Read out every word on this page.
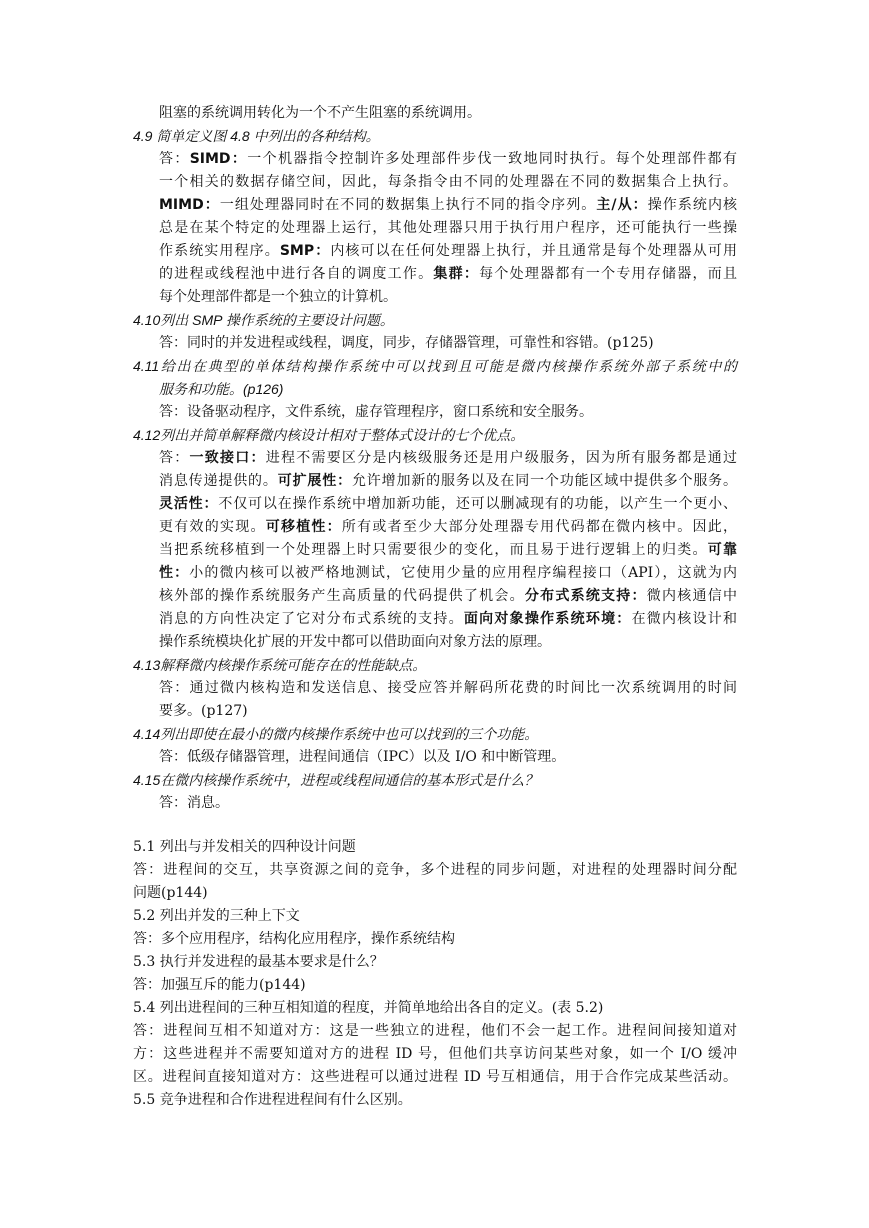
阻塞的系统调用转化为一个不产生阻塞的系统调用。
4.9 简单定义图 4.8 中列出的各种结构。
答：SIMD：一个机器指令控制许多处理部件步伐一致地同时执行。每个处理部件都有
一个相关的数据存储空间，因此，每条指令由不同的处理器在不同的数据集合上执行。
MIMD：一组处理器同时在不同的数据集上执行不同的指令序列。主/从：操作系统内核
总是在某个特定的处理器上运行，其他处理器只用于执行用户程序，还可能执行一些操
作系统实用程序。SMP：内核可以在任何处理器上执行，并且通常是每个处理器从可用
的进程或线程池中进行各自的调度工作。集群：每个处理器都有一个专用存储器，而且
每个处理部件都是一个独立的计算机。
4.10列出 SMP 操作系统的主要设计问题。
答：同时的并发进程或线程，调度，同步，存储器管理，可靠性和容错。(p125)
4.11给出在典型的单体结构操作系统中可以找到且可能是微内核操作系统外部子系统中的
服务和功能。(p126)
答：设备驱动程序，文件系统，虚存管理程序，窗口系统和安全服务。
4.12列出并简单解释微内核设计相对于整体式设计的七个优点。
答：一致接口：进程不需要区分是内核级服务还是用户级服务，因为所有服务都是通过
消息传递提供的。可扩展性：允许增加新的服务以及在同一个功能区域中提供多个服务。
灵活性：不仅可以在操作系统中增加新功能，还可以删减现有的功能，以产生一个更小、
更有效的实现。可移植性：所有或者至少大部分处理器专用代码都在微内核中。因此，
当把系统移植到一个处理器上时只需要很少的变化，而且易于进行逻辑上的归类。可靠
性：小的微内核可以被严格地测试，它使用少量的应用程序编程接口（API），这就为内
核外部的操作系统服务产生高质量的代码提供了机会。分布式系统支持：微内核通信中
消息的方向性决定了它对分布式系统的支持。面向对象操作系统环境：在微内核设计和
操作系统模块化扩展的开发中都可以借助面向对象方法的原理。
4.13解释微内核操作系统可能存在的性能缺点。
答：通过微内核构造和发送信息、接受应答并解码所花费的时间比一次系统调用的时间
要多。(p127)
4.14列出即使在最小的微内核操作系统中也可以找到的三个功能。
答：低级存储器管理，进程间通信（IPC）以及 I/O 和中断管理。
4.15在微内核操作系统中，进程或线程间通信的基本形式是什么？
答：消息。
5.1 列出与并发相关的四种设计问题
答：进程间的交互，共享资源之间的竞争，多个进程的同步问题，对进程的处理器时间分配
问题(p144)
5.2 列出并发的三种上下文
答：多个应用程序，结构化应用程序，操作系统结构
5.3 执行并发进程的最基本要求是什么？
答：加强互斥的能力(p144)
5.4 列出进程间的三种互相知道的程度，并简单地给出各自的定义。(表 5.2)
答：进程间互相不知道对方：这是一些独立的进程，他们不会一起工作。进程间间接知道对
方：这些进程并不需要知道对方的进程 ID 号，但他们共享访问某些对象，如一个 I/O 缓冲
区。进程间直接知道对方：这些进程可以通过进程 ID 号互相通信，用于合作完成某些活动。
5.5 竞争进程和合作进程进程间有什么区别。
